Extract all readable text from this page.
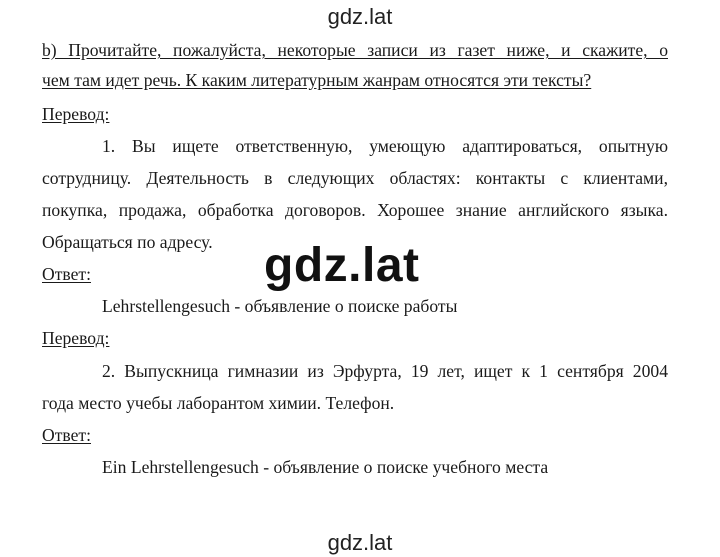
gdz.lat
b) Прочитайте, пожалуйста, некоторые записи из газет ниже, и скажите, о
чем там идет речь. К каким литературным жанрам относятся эти тексты?
Перевод:
1. Вы ищете ответственную, умеющую адаптироваться, опытную
сотрудницу. Деятельность в следующих областях: контакты с клиентами,
покупка, продажа, обработка договоров. Хорошее знание английского языка.
Обращаться по адресу.
Ответ:
Lehrstellengesuch - объявление о поиске работы
Перевод:
2. Выпускница гимназии из Эрфурта, 19 лет, ищет к 1 сентября 2004
года место учебы лаборантом химии. Телефон.
Ответ:
Ein Lehrstellengesuch - объявление о поиске учебного места
gdz.lat
gdz.lat
